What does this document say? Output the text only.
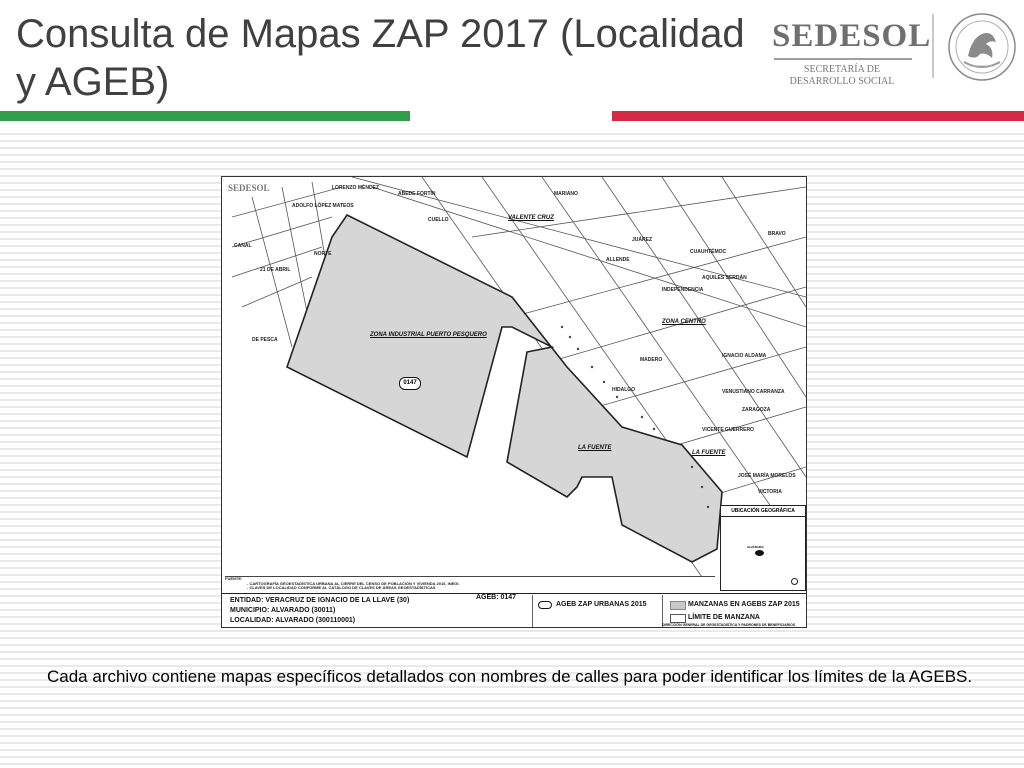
Consulta de Mapas ZAP 2017 (Localidad y AGEB)
SEDESOL
SECRETARÍA DE
DESARROLLO SOCIAL
SEDESOL
ZONA INDUSTRIAL PUERTO PESQUERO
ZONA CENTRO
LA FUENTE
VALENTE CRUZ
LA FUENTE
0147
21 DE ABRIL
ADOLFO LÓPEZ MATEOS
LORENZO MÉNDEZ
ABEDE FORTÍN
CUELLO
NORTE
CANAL
DE PESCA
MARIANO
VICENTE GUERRERO
IGNACIO ALDAMA
JOSÉ MARÍA MORELOS
VENUSTIANO CARRANZA
ZARAGOZA
JUÁREZ
HIDALGO
INDEPENDENCIA
AQUILES SERDÁN
MADERO
CUAUHTÉMOC
ALLENDE
BRAVO
VICTORIA
UBICACIÓN GEOGRÁFICA
ALVARADO
FUENTE:
- CARTOGRAFÍA GEOESTADÍSTICA URBANA AL CIERRE DEL CENSO DE POBLACIÓN Y VIVIENDA 2010, INEGI.
- CLAVES DE LOCALIDAD CONFORME AL CATÁLOGO DE CLAVES DE ÁREAS GEOESTADÍSTICAS
ENTIDAD: VERACRUZ DE IGNACIO DE LA LLAVE (30)
MUNICIPIO: ALVARADO (30011)
LOCALIDAD: ALVARADO (300110001)
AGEB: 0147
AGEB ZAP URBANAS 2015	MANZANAS EN AGEBS ZAP 2015
LÍMITE DE MANZANA
DIRECCIÓN GENERAL DE GEOESTADÍSTICA Y PADRONES DE BENEFICIARIOS
Cada archivo contiene mapas específicos detallados con nombres de calles para poder identificar los límites de la AGEBS.
